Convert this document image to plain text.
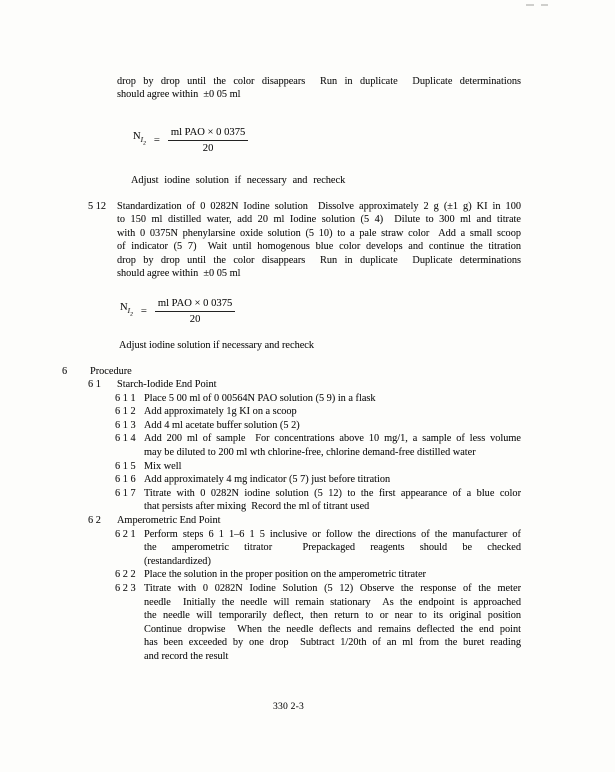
drop by drop until the color disappears  Run in duplicate  Duplicate determinations
should agree within  ±0 05 ml
$N_{I_2} = \frac{\text{ml PAO × 0 0375}}{20}$
Adjust iodine solution if necessary and recheck
5 12 Standardization of 0 0282N Iodine solution  Dissolve approximately 2 g (±1 g) KI in 100
to 150 ml distilled water, add 20 ml Iodine solution (5 4)  Dilute to 300 ml and titrate
with 0 0375N phenylarsine oxide solution (5 10) to a pale straw color  Add a small scoop
of indicator (5 7)  Wait until homogenous blue color develops and continue the titration
drop by drop until the color disappears  Run in duplicate  Duplicate determinations
should agree within  ±0 05 ml
$N_{I_2} = \frac{\text{ml PAO × 0 0375}}{20}$
Adjust iodine solution if necessary and recheck
6 Procedure
6 1 Starch-Iodide End Point
6 1 1 Place 5 00 ml of 0 00564N PAO solution (5 9) in a flask
6 1 2 Add approximately 1g KI on a scoop
6 1 3 Add 4 ml acetate buffer solution (5 2)
6 1 4 Add 200 ml of sample  For concentrations above 10 mg/1, a sample of less volume
may be diluted to 200 ml wth chlorine-free, chlorine demand-free distilled water
6 1 5 Mix well
6 1 6 Add approximately 4 mg indicator (5 7) just before titration
6 1 7 Titrate with 0 0282N iodine solution (5 12) to the first appearance of a blue color
that persists after mixing  Record the ml of titrant used
6 2 Amperometric End Point
6 2 1 Perform steps 6 1 1–6 1 5 inclusive or follow the directions of the manufacturer of
the amperometric titrator  Prepackaged reagents should be checked
(restandardized)
6 2 2 Place the solution in the proper position on the amperometric titrater
6 2 3 Titrate with 0 0282N Iodine Solution (5 12) Observe the response of the meter
needle  Initially the needle will remain stationary  As the endpoint is approached
the needle will temporarily deflect, then return to or near to its original position
Continue dropwise  When the needle deflects and remains deflected the end point
has been exceeded by one drop  Subtract 1/20th of an ml from the buret reading
and record the result
330 2-3
